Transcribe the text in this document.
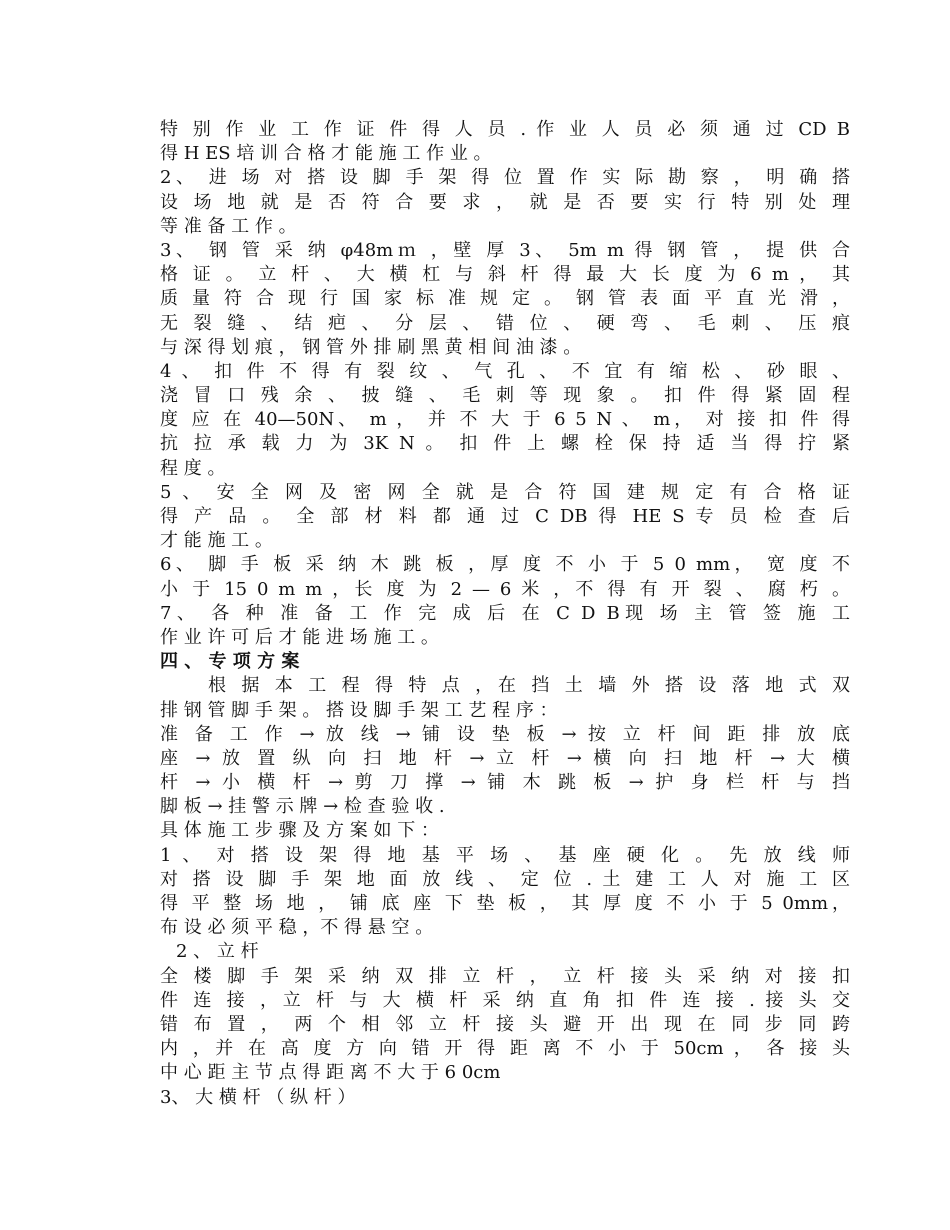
特 别 作 业 工 作 证 件 得 人 员 . 作 业 人 员 必 须 通 过 CD B
得 H ES 培 训 合 格 才 能 施 工 作 业 。
2、 进 场 对 搭 设 脚 手 架 得 位 置 作 实 际 勘 察 ， 明 确 搭
设 场 地 就 是 否 符 合 要 求 ， 就 是 否 要 实 行 特 别 处 理
等 准 备 工 作 。
3、 钢 管 采 纳 φ48mｍ ，壁 厚 3、 5m m 得 钢 管 ， 提 供 合
格 证 。 立 杆 、 大 横 杠 与 斜 杆 得 最 大 长 度 为 6 m ， 其
质 量 符 合 现 行 国 家 标 准 规 定 。 钢 管 表 面 平 直 光 滑 ，
无 裂 缝 、 结 疤 、 分 层 、 错 位 、 硬 弯 、 毛 刺 、 压 痕
与 深 得 划 痕 ， 钢 管 外 排 刷 黑 黄 相 间 油 漆 。
4 、 扣 件 不 得 有 裂 纹 、 气 孔 、 不 宜 有 缩 松 、 砂 眼 、
浇 冒 口 残 余 、 披 缝 、 毛 刺 等 现 象 。 扣 件 得 紧 固 程
度 应 在 40—50N、 m ， 并 不 大 于 6 5 N 、 m， 对 接 扣 件 得
抗 拉 承 载 力 为 3K N 。 扣 件 上 螺 栓 保 持 适 当 得 拧 紧
程 度 。
5 、 安 全 网 及 密 网 全 就 是 合 符 国 建 规 定 有 合 格 证
得 产 品 。 全 部 材 料 都 通 过 C DB 得 HE S 专 员 检 查 后
才 能 施 工 。
6、 脚 手 板 采 纳 木 跳 板 ，厚 度 不 小 于 5 0 mm， 宽 度 不
小 于 15 0 m m ，长 度 为 2 — 6 米 ，不 得 有 开 裂 、 腐 朽 。
7、 各 种 准 备 工 作 完 成 后 在 C D B现 场 主 管 签 施 工
作 业 许 可 后 才 能 进 场 施 工 。
四 、 专 项 方 案
根 据 本 工 程 得 特 点 ，在 挡 土 墙 外 搭 设 落 地 式 双
排 钢 管 脚 手 架 。 搭 设 脚 手 架 工 艺 程 序 ：
准 备 工 作 → 放 线 → 铺 设 垫 板 → 按 立 杆 间 距 排 放 底
座 → 放 置 纵 向 扫 地 杆 → 立 杆 → 横 向 扫 地 杆 → 大 横
杆 → 小 横 杆 → 剪 刀 撑 → 铺 木 跳 板 → 护 身 栏 杆 与 挡
脚 板 → 挂 警 示 牌 → 检 查 验 收 .
具 体 施 工 步 骤 及 方 案 如 下 ：
1 、 对 搭 设 架 得 地 基 平 场 、 基 座 硬 化 。 先 放 线 师
对 搭 设 脚 手 架 地 面 放 线 、 定 位 . 土 建 工 人 对 施 工 区
得 平 整 场 地 ， 铺 底 座 下 垫 板 ， 其 厚 度 不 小 于 5 0mm，
布 设 必 须 平 稳 ，不 得 悬 空 。
2 、 立 杆
全 楼 脚 手 架 采 纳 双 排 立 杆 ， 立 杆 接 头 采 纳 对 接 扣
件 连 接 ，立 杆 与 大 横 杆 采 纳 直 角 扣 件 连 接 . 接 头 交
错 布 置 ， 两 个 相 邻 立 杆 接 头 避 开 出 现 在 同 步 同 跨
内 ，并 在 高 度 方 向 错 开 得 距 离 不 小 于 50cm ， 各 接 头
中 心 距 主 节 点 得 距 离 不 大 于 6 0cm
3、 大 横 杆 （ 纵 杆 ）
